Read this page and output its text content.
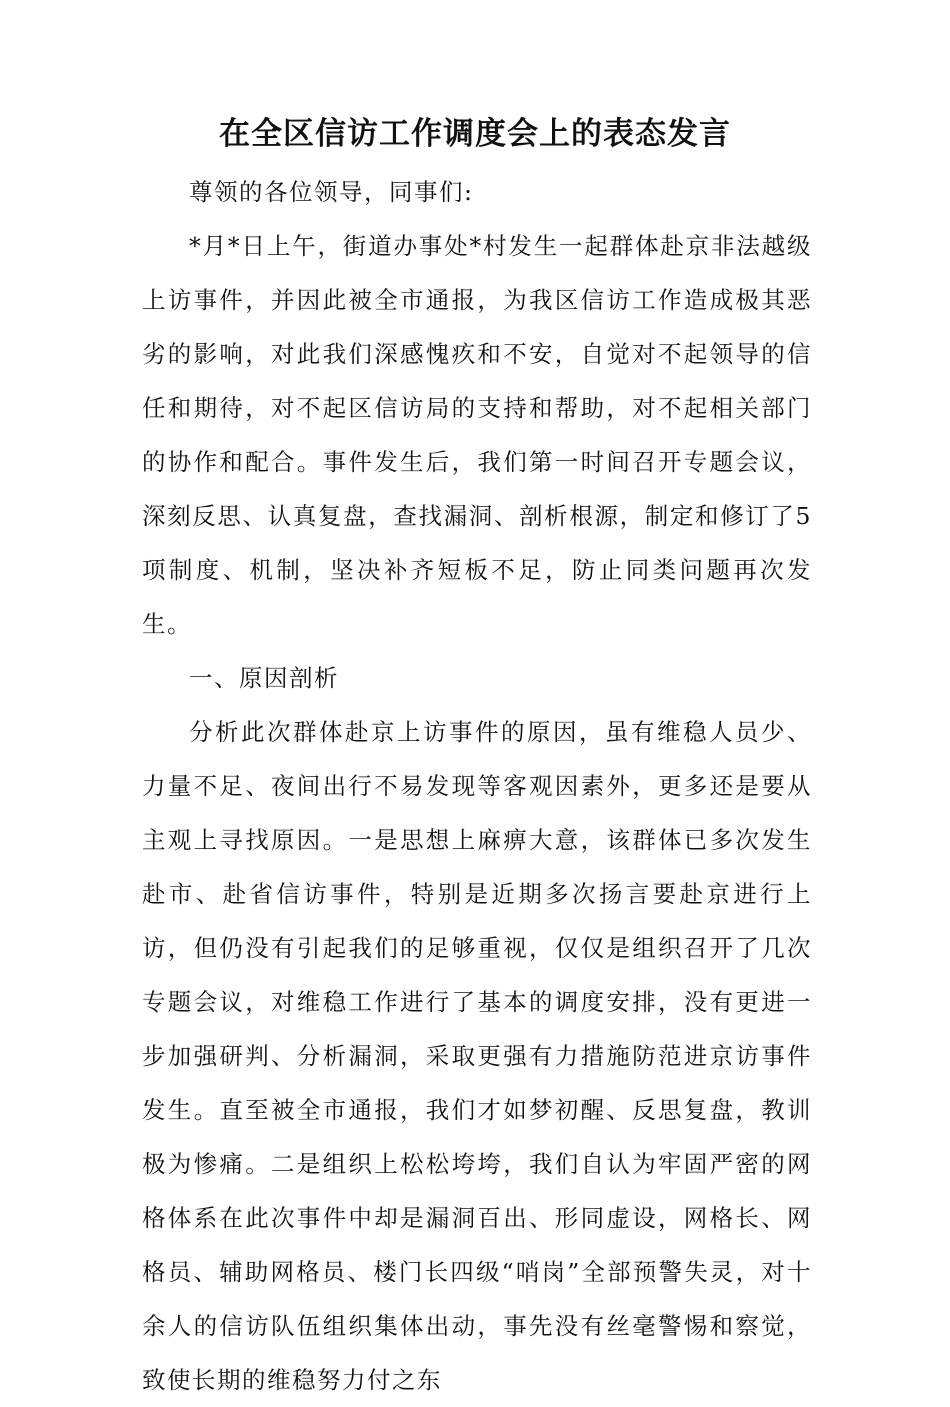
在全区信访工作调度会上的表态发言

尊领的各位领导，同事们:

*月*日上午，街道办事处*村发生一起群体赴京非法越级上访事件，并因此被全市通报，为我区信访工作造成极其恶劣的影响，对此我们深感愧疚和不安，自觉对不起领导的信任和期待，对不起区信访局的支持和帮助，对不起相关部门的协作和配合。事件发生后，我们第一时间召开专题会议，深刻反思、认真复盘，查找漏洞、剖析根源，制定和修订了5项制度、机制，坚决补齐短板不足，防止同类问题再次发生。

一、原因剖析

分析此次群体赴京上访事件的原因，虽有维稳人员少、力量不足、夜间出行不易发现等客观因素外，更多还是要从主观上寻找原因。一是思想上麻痹大意，该群体已多次发生赴市、赴省信访事件，特别是近期多次扬言要赴京进行上访，但仍没有引起我们的足够重视，仅仅是组织召开了几次专题会议，对维稳工作进行了基本的调度安排，没有更进一步加强研判、分析漏洞，采取更强有力措施防范进京访事件发生。直至被全市通报，我们才如梦初醒、反思复盘，教训极为惨痛。二是组织上松松垮垮，我们自认为牢固严密的网格体系在此次事件中却是漏洞百出、形同虚设，网格长、网格员、辅助网格员、楼门长四级“哨岗”全部预警失灵，对十余人的信访队伍组织集体出动，事先没有丝毫警惕和察觉，致使长期的维稳努力付之东
